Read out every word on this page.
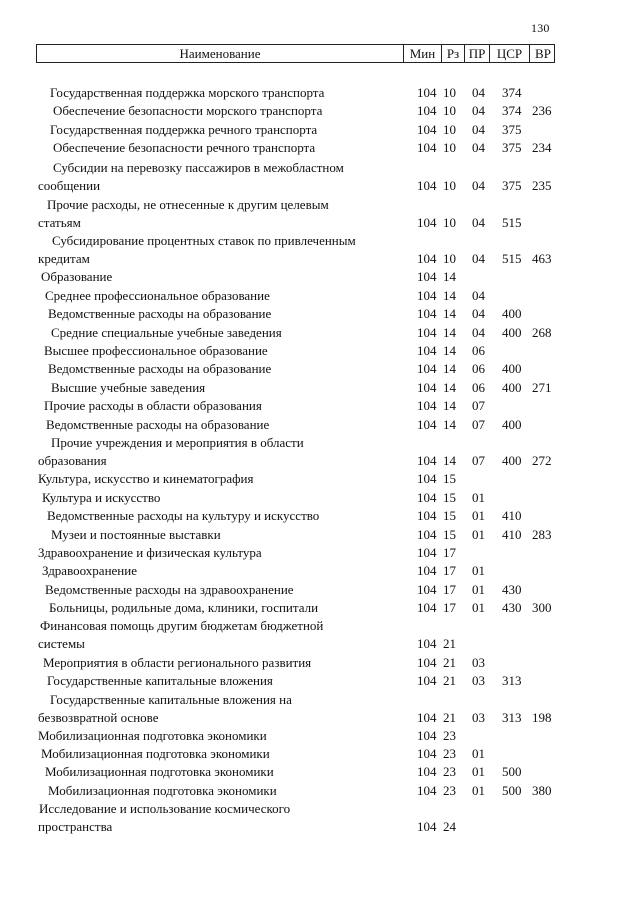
130
Наименование	Мин Рз ПР ЦСР ВР
Государственная поддержка морского транспорта	104 10 04 374
Обеспечение безопасности морского транспорта	104 10 04 374 236
Государственная поддержка речного транспорта	104 10 04 375
Обеспечение безопасности речного транспорта	104 10 04 375 234
Субсидии на перевозку пассажиров в межобластном
сообщении	104 10 04 375 235
Прочие расходы, не отнесенные к другим целевым
статьям	104 10 04 515
Субсидирование процентных ставок по привлеченным
кредитам	104 10 04 515 463
Образование	104 14
Среднее профессиональное образование	104 14 04
Ведомственные расходы на образование	104 14 04 400
Средние специальные учебные заведения	104 14 04 400 268
Высшее профессиональное образование	104 14 06
Ведомственные расходы на образование	104 14 06 400
Высшие учебные заведения	104 14 06 400 271
Прочие расходы в области образования	104 14 07
Ведомственные расходы на образование	104 14 07 400
Прочие учреждения и мероприятия в области
образования	104 14 07 400 272
Культура, искусство и кинематография	104 15
Культура и искусство	104 15 01
Ведомственные расходы на культуру и искусство	104 15 01 410
Музеи и постоянные выставки	104 15 01 410 283
Здравоохранение и физическая культура	104 17
Здравоохранение	104 17 01
Ведомственные расходы на здравоохранение	104 17 01 430
Больницы, родильные дома, клиники, госпитали	104 17 01 430 300
Финансовая помощь другим бюджетам бюджетной
системы	104 21
Мероприятия в области регионального развития	104 21 03
Государственные капитальные вложения	104 21 03 313
Государственные капитальные вложения на
безвозвратной основе	104 21 03 313 198
Мобилизационная подготовка экономики	104 23
Мобилизационная подготовка экономики	104 23 01
Мобилизационная подготовка экономики	104 23 01 500
Мобилизационная подготовка экономики	104 23 01 500 380
Исследование и использование космического
пространства	104 24
